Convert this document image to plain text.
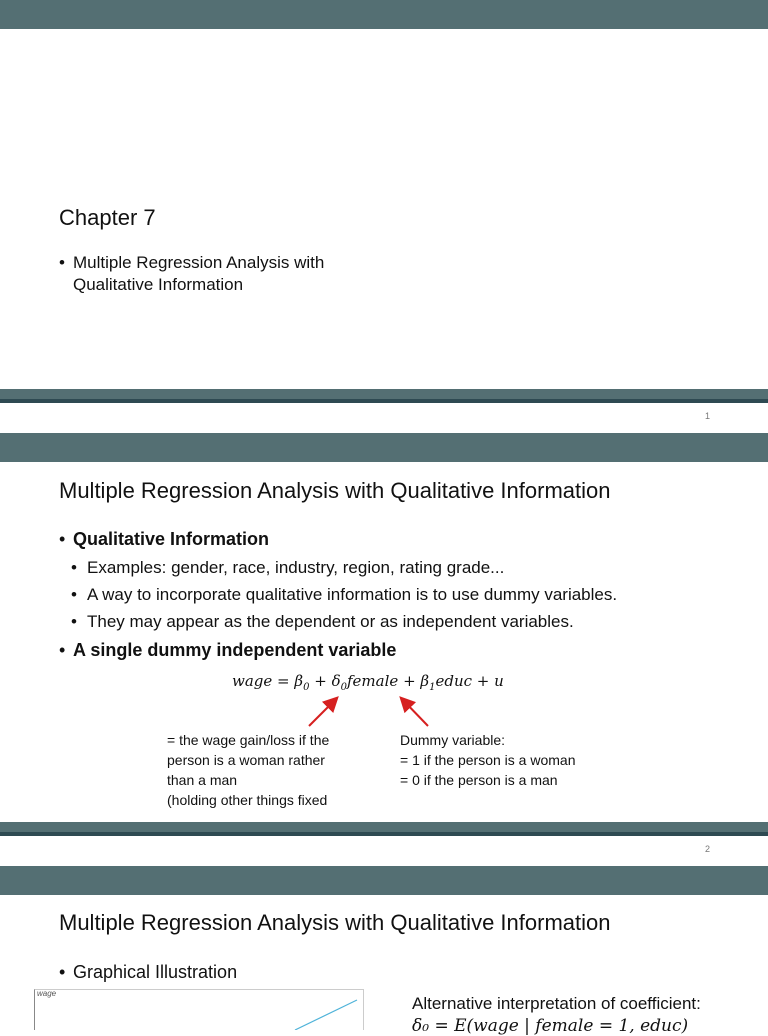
Chapter 7
• Multiple Regression Analysis with
Qualitative Information
1
Multiple Regression Analysis with Qualitative Information
• Qualitative Information
• Examples: gender, race, industry, region, rating grade...
• A way to incorporate qualitative information is to use dummy variables.
• They may appear as the dependent or as independent variables.
• A single dummy independent variable
wage = $\beta_0$ + $\delta_0female$ + $\beta_1educ + u$
= the wage gain/loss if the
person is a woman rather
than a man
(holding other things fixed
Dummy variable:
= 1 if the person is a woman
= 0 if the person is a man
2
Multiple Regression Analysis with Qualitative Information
• Graphical Illustration
wage
Alternative interpretation of coefficient:
δ₀ = E(wage | female = 1, educ)
